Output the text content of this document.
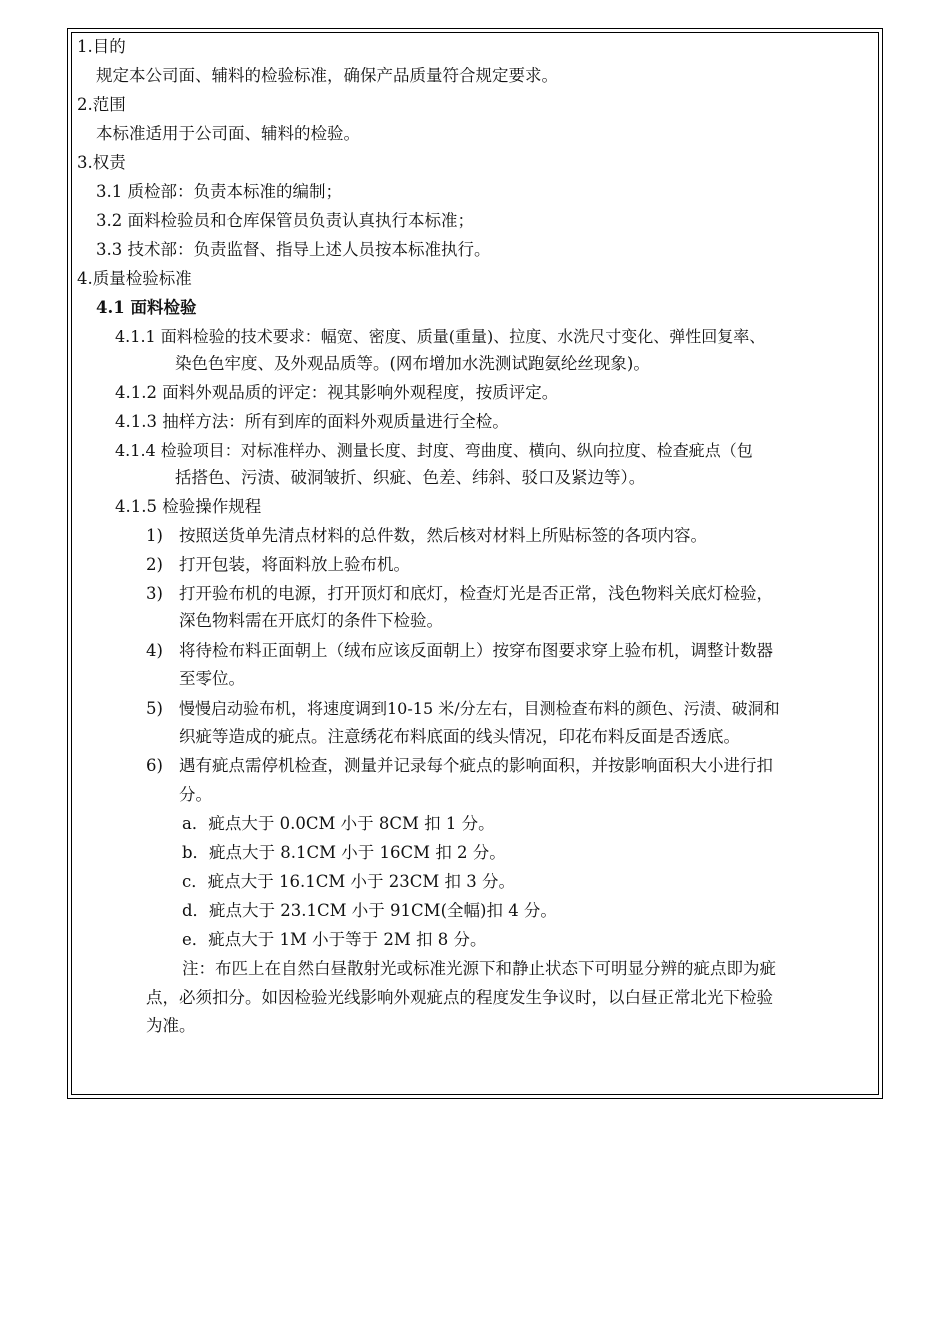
1.目的
规定本公司面、辅料的检验标准，确保产品质量符合规定要求。
2.范围
本标准适用于公司面、辅料的检验。
3.权责
3.1 质检部：负责本标准的编制；
3.2 面料检验员和仓库保管员负责认真执行本标准；
3.3 技术部：负责监督、指导上述人员按本标准执行。
4.质量检验标准
4.1 面料检验
4.1.1 面料检验的技术要求：幅宽、密度、质量(重量)、拉度、水洗尺寸变化、弹性回复率、
染色色牢度、及外观品质等。(网布增加水洗测试跑氨纶丝现象)。
4.1.2 面料外观品质的评定：视其影响外观程度，按质评定。
4.1.3 抽样方法：所有到库的面料外观质量进行全检。
4.1.4 检验项目：对标准样办、测量长度、封度、弯曲度、横向、纵向拉度、检查疵点（包
括搭色、污渍、破洞皱折、织疵、色差、纬斜、驳口及紧边等）。
4.1.5 检验操作规程
1) 按照送货单先清点材料的总件数，然后核对材料上所贴标签的各项内容。
2) 打开包装，将面料放上验布机。
3) 打开验布机的电源，打开顶灯和底灯，检查灯光是否正常，浅色物料关底灯检验，
深色物料需在开底灯的条件下检验。
4) 将待检布料正面朝上（绒布应该反面朝上）按穿布图要求穿上验布机，调整计数器
至零位。
5) 慢慢启动验布机，将速度调到10-15 米/分左右，目测检查布料的颜色、污渍、破洞和
织疵等造成的疵点。注意绣花布料底面的线头情况，印花布料反面是否透底。
6) 遇有疵点需停机检查，测量并记录每个疵点的影响面积，并按影响面积大小进行扣
分。
a．疵点大于 0.0CM 小于 8CM 扣 1 分。
b．疵点大于 8.1CM 小于 16CM 扣 2 分。
c．疵点大于 16.1CM 小于 23CM 扣 3 分。
d．疵点大于 23.1CM 小于 91CM(全幅)扣 4 分。
e．疵点大于 1M 小于等于 2M 扣 8 分。
注：布匹上在自然白昼散射光或标准光源下和静止状态下可明显分辨的疵点即为疵
点，必须扣分。如因检验光线影响外观疵点的程度发生争议时，以白昼正常北光下检验
为准。
